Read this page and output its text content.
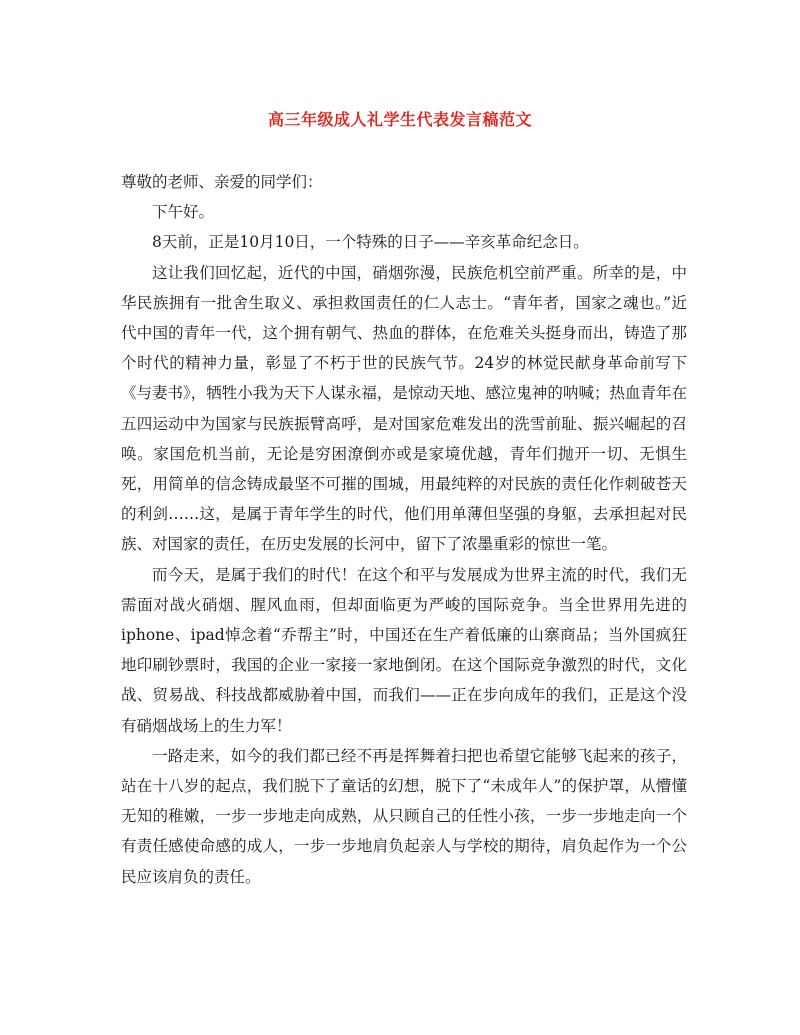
高三年级成人礼学生代表发言稿范文

尊敬的老师、亲爱的同学们：

下午好。

8天前，正是10月10日，一个特殊的日子——辛亥革命纪念日。

这让我们回忆起，近代的中国，硝烟弥漫，民族危机空前严重。所幸的是，中华民族拥有一批舍生取义、承担救国责任的仁人志士。“青年者，国家之魂也。”近代中国的青年一代，这个拥有朝气、热血的群体，在危难关头挺身而出，铸造了那个时代的精神力量，彰显了不朽于世的民族气节。24岁的林觉民献身革命前写下《与妻书》，牺牲小我为天下人谋永福，是惊动天地、感泣鬼神的呐喊；热血青年在五四运动中为国家与民族振臂高呼，是对国家危难发出的洗雪前耻、振兴崛起的召唤。家国危机当前，无论是穷困潦倒亦或是家境优越，青年们抛开一切、无惧生死，用简单的信念铸成最坚不可摧的围城，用最纯粹的对民族的责任化作刺破苍天的利剑……这，是属于青年学生的时代，他们用单薄但坚强的身躯，去承担起对民族、对国家的责任，在历史发展的长河中，留下了浓墨重彩的惊世一笔。

而今天，是属于我们的时代！在这个和平与发展成为世界主流的时代，我们无需面对战火硝烟、腥风血雨，但却面临更为严峻的国际竞争。当全世界用先进的iphone、ipad悼念着“乔帮主”时，中国还在生产着低廉的山寨商品；当外国疯狂地印刷钞票时，我国的企业一家接一家地倒闭。在这个国际竞争激烈的时代，文化战、贸易战、科技战都威胁着中国，而我们——正在步向成年的我们，正是这个没有硝烟战场上的生力军！

一路走来，如今的我们都已经不再是挥舞着扫把也希望它能够飞起来的孩子，站在十八岁的起点，我们脱下了童话的幻想，脱下了“未成年人”的保护罩，从懵懂无知的稚嫩，一步一步地走向成熟，从只顾自己的任性小孩，一步一步地走向一个有责任感使命感的成人，一步一步地肩负起亲人与学校的期待，肩负起作为一个公民应该肩负的责任。
